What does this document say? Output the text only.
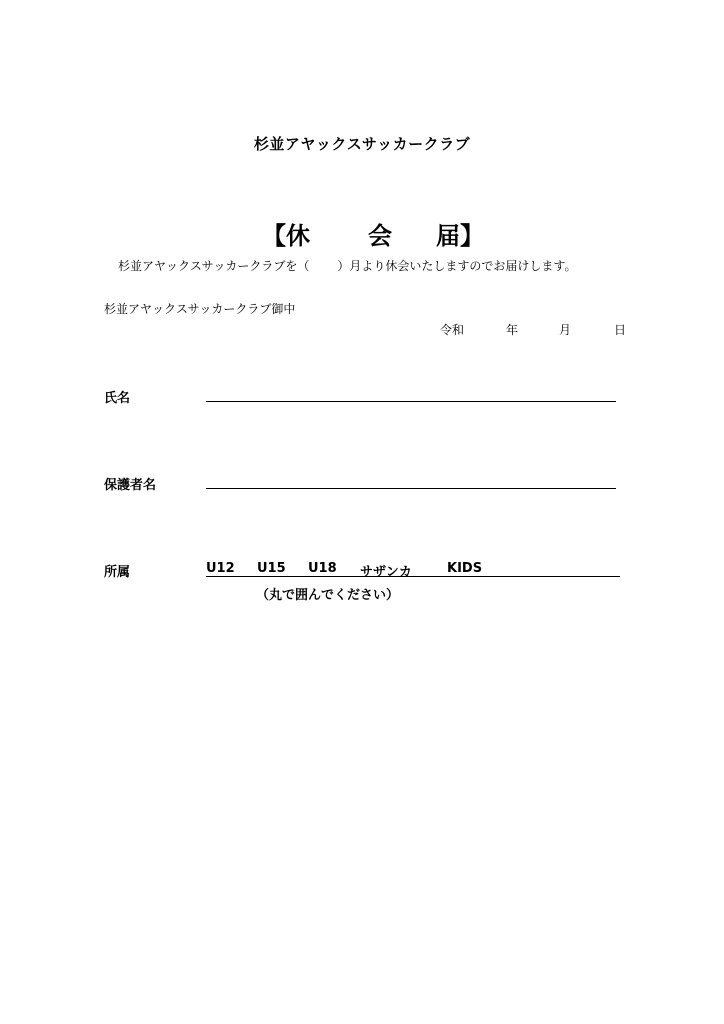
杉並アヤックスサッカークラブ
【 休 会 届 】
杉並アヤックスサッカークラブを（ ）月より休会いたしますのでお届けします。
杉並アヤックスサッカークラブ御中
令和	年	月	日
氏名
保護者名
所属	U12	U15	U18	サザンカ	KIDS
（丸で囲んでください）
